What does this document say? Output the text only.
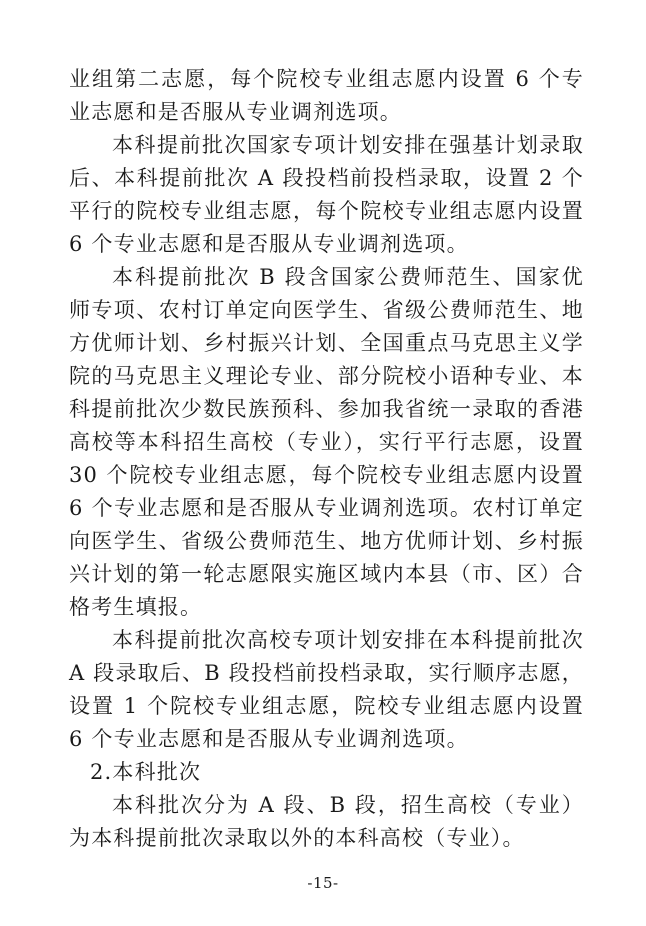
业组第二志愿，每个院校专业组志愿内设置 6 个专业志愿和是否服从专业调剂选项。

本科提前批次国家专项计划安排在强基计划录取后、本科提前批次 A 段投档前投档录取，设置 2 个平行的院校专业组志愿，每个院校专业组志愿内设置 6 个专业志愿和是否服从专业调剂选项。

本科提前批次 B 段含国家公费师范生、国家优师专项、农村订单定向医学生、省级公费师范生、地方优师计划、乡村振兴计划、全国重点马克思主义学院的马克思主义理论专业、部分院校小语种专业、本科提前批次少数民族预科、参加我省统一录取的香港高校等本科招生高校（专业），实行平行志愿，设置 30 个院校专业组志愿，每个院校专业组志愿内设置 6 个专业志愿和是否服从专业调剂选项。农村订单定向医学生、省级公费师范生、地方优师计划、乡村振兴计划的第一轮志愿限实施区域内本县（市、区）合格考生填报。

本科提前批次高校专项计划安排在本科提前批次 A 段录取后、B 段投档前投档录取，实行顺序志愿，设置 1 个院校专业组志愿，院校专业组志愿内设置 6 个专业志愿和是否服从专业调剂选项。

2.本科批次

本科批次分为 A 段、B 段，招生高校（专业）为本科提前批次录取以外的本科高校（专业）。

-15-
